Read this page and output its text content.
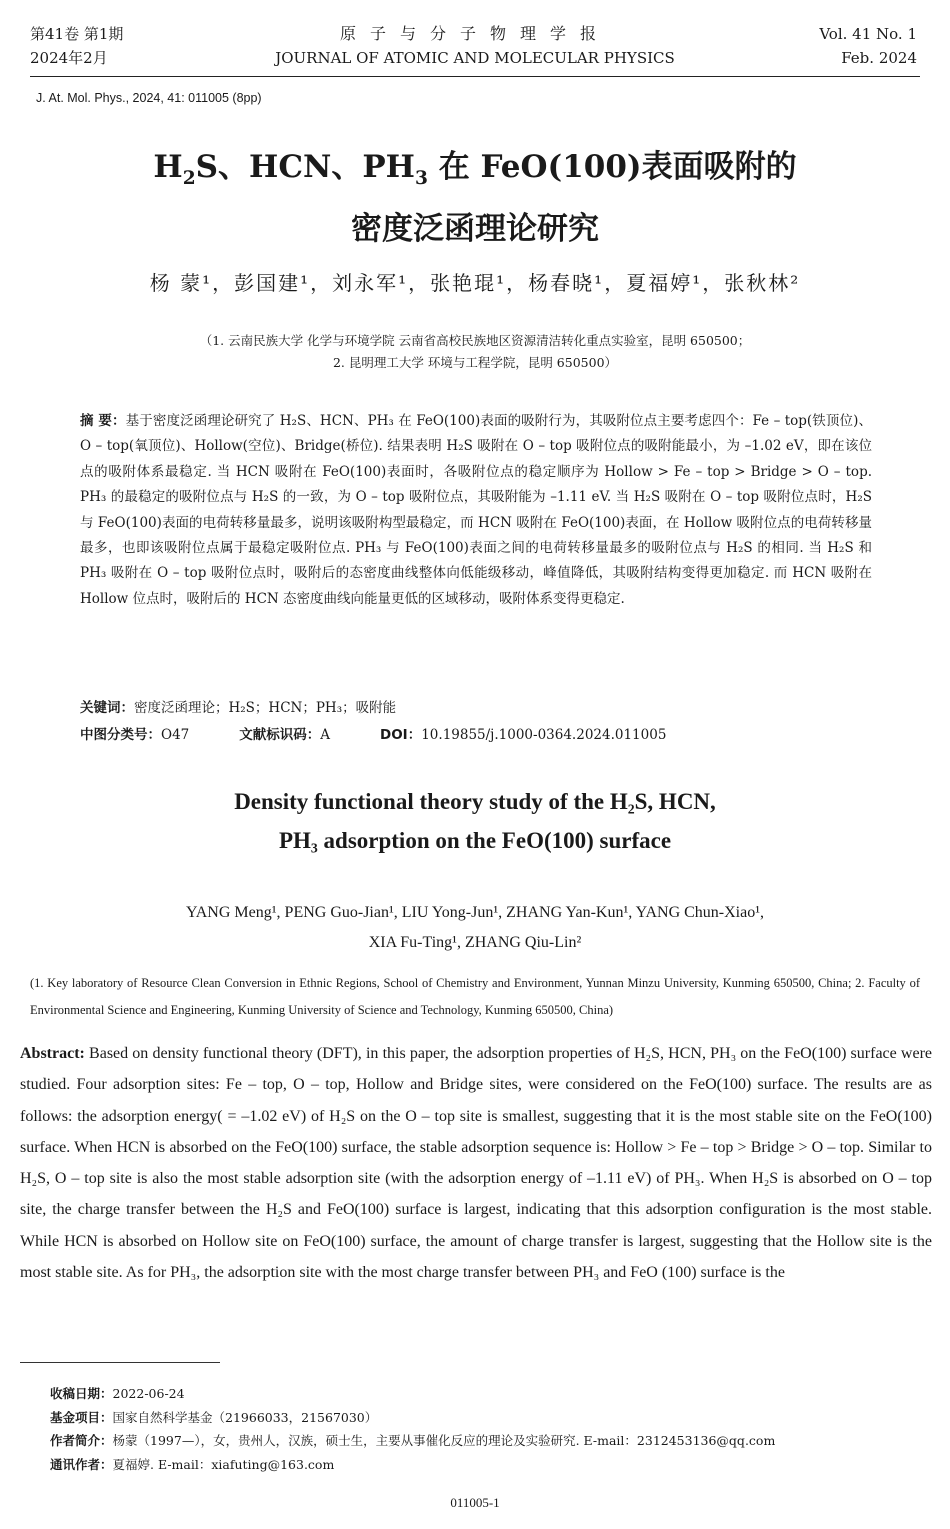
第41卷 第1期
2024年2月
原子与分子物理学报
JOURNAL OF ATOMIC AND MOLECULAR PHYSICS
Vol. 41 No. 1
Feb. 2024
J. At. Mol. Phys., 2024, 41: 011005 (8pp)
$H_2S$、HCN、$PH_3$ 在 FeO(100)表面吸附的
密度泛函理论研究
杨 蒙¹，彭国建¹，刘永军¹，张艳琨¹，杨春晓¹，夏福婷¹，张秋林²
（1. 云南民族大学 化学与环境学院 云南省高校民族地区资源清洁转化重点实验室，昆明 650500；
2. 昆明理工大学 环境与工程学院，昆明 650500）
摘 要：基于密度泛函理论研究了 H₂S、HCN、PH₃ 在 FeO(100)表面的吸附行为，其吸附位点主要考虑四个：Fe – top(铁顶位)、O – top(氧顶位)、Hollow(空位)、Bridge(桥位). 结果表明 H₂S 吸附在 O – top 吸附位点的吸附能最小，为 –1.02 eV，即在该位点的吸附体系最稳定. 当 HCN 吸附在 FeO(100)表面时，各吸附位点的稳定顺序为 Hollow > Fe – top > Bridge > O – top. PH₃ 的最稳定的吸附位点与 H₂S 的一致，为 O – top 吸附位点，其吸附能为 –1.11 eV. 当 H₂S 吸附在 O – top 吸附位点时，H₂S 与 FeO(100)表面的电荷转移量最多，说明该吸附构型最稳定，而 HCN 吸附在 FeO(100)表面，在 Hollow 吸附位点的电荷转移量最多，也即该吸附位点属于最稳定吸附位点. PH₃ 与 FeO(100)表面之间的电荷转移量最多的吸附位点与 H₂S 的相同. 当 H₂S 和 PH₃ 吸附在 O – top 吸附位点时，吸附后的态密度曲线整体向低能级移动，峰值降低，其吸附结构变得更加稳定. 而 HCN 吸附在 Hollow 位点时，吸附后的 HCN 态密度曲线向能量更低的区域移动，吸附体系变得更稳定.
关键词：密度泛函理论；H₂S；HCN；PH₃；吸附能
中图分类号：O47	文献标识码：A	DOI：10.19855/j.1000-0364.2024.011005
Density functional theory study of the H₂S, HCN,
PH₃ adsorption on the FeO(100) surface
YANG Meng¹, PENG Guo-Jian¹, LIU Yong-Jun¹, ZHANG Yan-Kun¹, YANG Chun-Xiao¹,
XIA Fu-Ting¹, ZHANG Qiu-Lin²
(1. Key laboratory of Resource Clean Conversion in Ethnic Regions, School of Chemistry and Environment, Yunnan Minzu University, Kunming 650500, China; 2. Faculty of Environmental Science and Engineering, Kunming University of Science and Technology, Kunming 650500, China)
Abstract: Based on density functional theory (DFT), in this paper, the adsorption properties of H₂S, HCN, PH₃ on the FeO(100) surface were studied. Four adsorption sites: Fe – top, O – top, Hollow and Bridge sites, were considered on the FeO(100) surface. The results are as follows: the adsorption energy( = –1.02 eV) of H₂S on the O – top site is smallest, suggesting that it is the most stable site on the FeO(100) surface. When HCN is absorbed on the FeO(100) surface, the stable adsorption sequence is: Hollow > Fe – top > Bridge > O – top. Similar to H₂S, O – top site is also the most stable adsorption site (with the adsorption energy of –1.11 eV) of PH₃. When H₂S is absorbed on O – top site, the charge transfer between the H₂S and FeO(100) surface is largest, indicating that this adsorption configuration is the most stable. While HCN is absorbed on Hollow site on FeO(100) surface, the amount of charge transfer is largest, suggesting that the Hollow site is the most stable site. As for PH₃, the adsorption site with the most charge transfer between PH₃ and FeO (100) surface is the
收稿日期：2022-06-24
基金项目：国家自然科学基金（21966033，21567030）
作者简介：杨蒙（1997—），女，贵州人，汉族，硕士生，主要从事催化反应的理论及实验研究. E-mail：2312453136@qq.com
通讯作者：夏福婷. E-mail：xiafuting@163.com
011005-1
